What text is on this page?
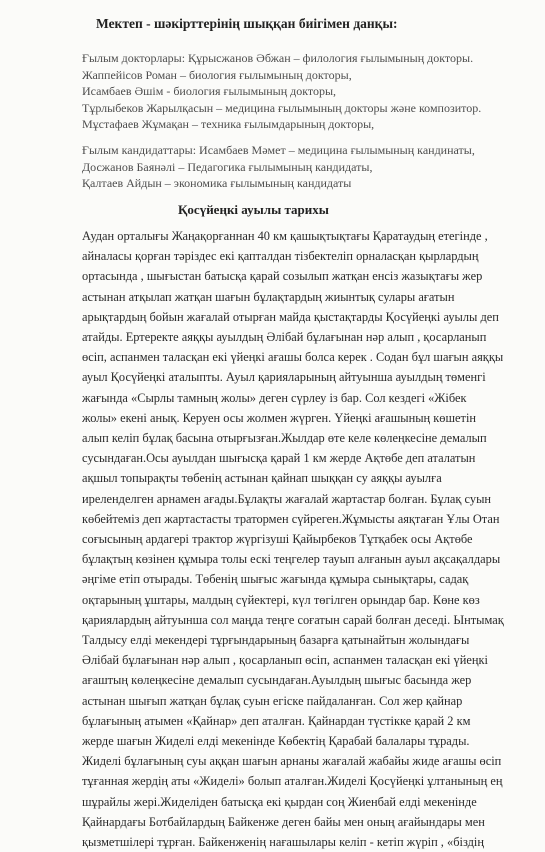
Мектеп - шәкірттерінің шыққан биігімен данқы:
Ғылым докторлары: Құрысжанов Әбжан – филология ғылымының докторы.
Жаппейісов Роман – биология ғылымының докторы,
Исамбаев Әшім - биология ғылымының докторы,
Тұрлыбеков Жарылқасын – медицина ғылымының докторы және композитор.
Мұстафаев Жұмақан – техника ғылымдарының докторы,
Ғылым кандидаттары: Исамбаев Мәмет – медицина ғылымының кандинаты,
Досжанов Баянәлі – Педагогика ғылымының кандидаты,
Қалтаев Айдын – экономика ғылымының кандидаты
Қосүйеңкі ауылы тарихы
Аудан орталығы Жаңақорғаннан 40 км қашықтықтағы Қаратаудың етегінде ,
айналасы қорған тәріздес екі қапталдан тізбектеліп орналасқан қырлардың
ортасында , шығыстан батысқа қарай созылып жатқан енсіз жазықтағы жер
астынан атқылап жатқан шағын бұлақтардың жиынтық сулары ағатын
арықтардың бойын жағалай отырған майда қыстақтарды Қосүйеңкі ауылы деп
атайды. Ертеректе аяққы ауылдың Әлібай бұлағынан нәр алып , қосарланып
өсіп, аспанмен таласқан екі үйеңкі ағашы болса керек . Содан бұл шағын аяққы
ауыл Қосүйеңкі аталыпты. Ауыл қарияларының айтуынша ауылдың төменгі
жағында «Сырлы тамның жолы» деген сүрлеу із бар. Сол кездегі «Жібек
жолы» екені анық. Керуен осы жолмен жүрген. Үйеңкі ағашының көшетін
алып келіп бұлақ басына отырғызған.Жылдар өте келе көлеңкесіне демалып
сусындаған.Осы ауылдан шығысқа қарай 1 км жерде Ақтөбе деп аталатын
ақшыл топырақты төбенің астынан қайнап шыққан су аяққы ауылға
иреленделген арнамен ағады.Бұлақты жағалай жартастар болған. Бұлақ суын
көбейтеміз деп жартастасты тратормен сүйреген.Жұмысты аяқтаған Ұлы Отан
соғысының ардагері трактор жүргізуші Қайырбеков Тұтқабек осы Ақтөбе
бұлақтың көзінен құмыра толы ескі теңгелер тауып алғанын ауыл ақсақалдары
әңгіме етіп отырады. Төбенің шығыс жағында құмыра сынықтары, садақ
оқтарының ұштары, малдың сүйектері, күл төгілген орындар бар. Көне көз
қариялардың айтуынша сол маңда теңге соғатын сарай болған деседі. Ынтымақ
Талдысу елді мекендері тұрғындарының базарға қатынайтын жолындағы
Әлібай бұлағынан нәр алып , қосарланып өсіп, аспанмен таласқан екі үйеңкі
ағаштың көлеңкесіне демалып сусындаған.Ауылдың шығыс басында жер
астынан шығып жатқан бұлақ суын егіске пайдаланған. Сол жер қайнар
бұлағының атымен «Қайнар» деп аталған. Қайнардан түстікке қарай 2 км
жерде шағын Жиделі елді мекенінде Көбектің Қарабай балалары тұрады.
Жиделі бұлағының суы аққан шағын арнаны жағалай жабайы жиде ағашы өсіп
тұғанная жердің аты «Жиделі» болып аталған.Жиделі Қосүйеңкі ұлтанының ең
шұрайлы жері.Жиделіден батысқа екі қырдан соң Жиенбай елді мекенінде
Қайнардағы Ботбайлардың Байкенже деген байы мен оның ағайындары мен
қызметшілері тұрған. Байкенженің нағашылары келіп - кетіп жүріп , «біздің
